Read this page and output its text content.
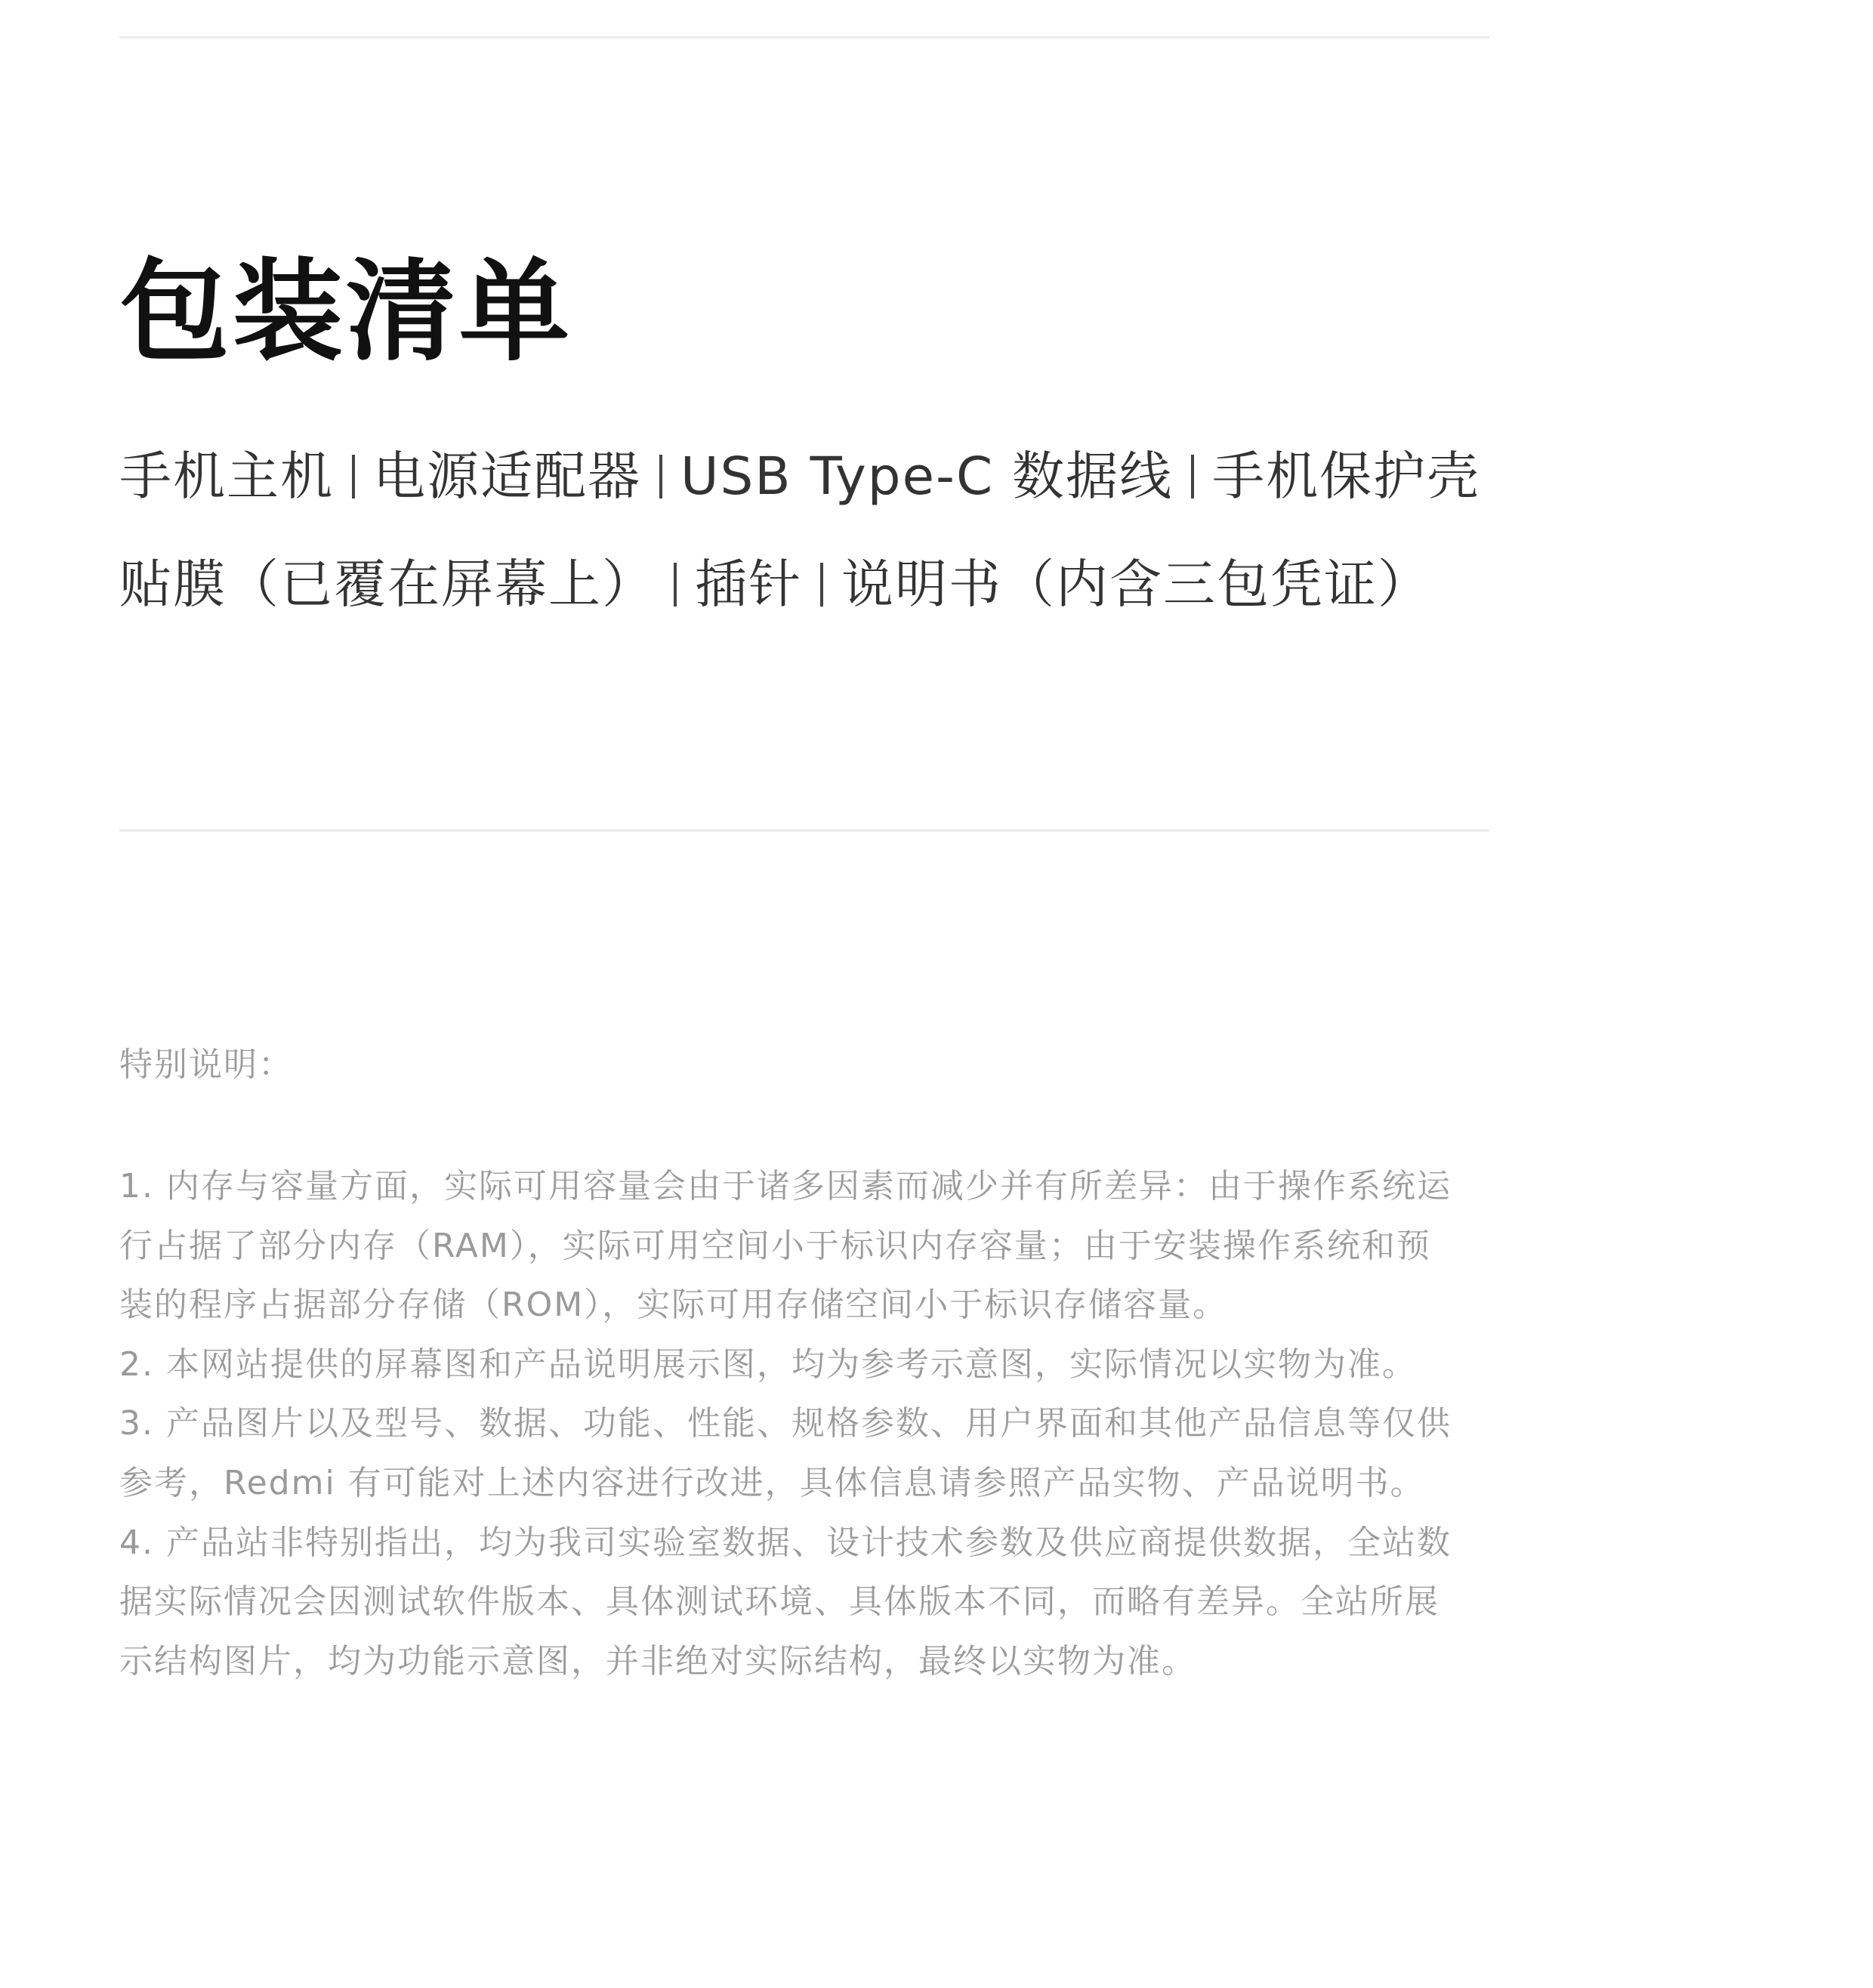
包装清单
手机主机 电源适配器 USB Type-C 数据线 手机保护壳
贴膜（已覆在屏幕上） 插针 说明书（内含三包凭证）
特别说明：
1. 内存与容量方面，实际可用容量会由于诸多因素而减少并有所差异：由于操作系统运
行占据了部分内存（RAM），实际可用空间小于标识内存容量；由于安装操作系统和预
装的程序占据部分存储（ROM），实际可用存储空间小于标识存储容量。
2. 本网站提供的屏幕图和产品说明展示图，均为参考示意图，实际情况以实物为准。
3. 产品图片以及型号、数据、功能、性能、规格参数、用户界面和其他产品信息等仅供
参考，Redmi 有可能对上述内容进行改进，具体信息请参照产品实物、产品说明书。
4. 产品站非特别指出，均为我司实验室数据、设计技术参数及供应商提供数据，全站数
据实际情况会因测试软件版本、具体测试环境、具体版本不同，而略有差异。全站所展
示结构图片，均为功能示意图，并非绝对实际结构，最终以实物为准。
